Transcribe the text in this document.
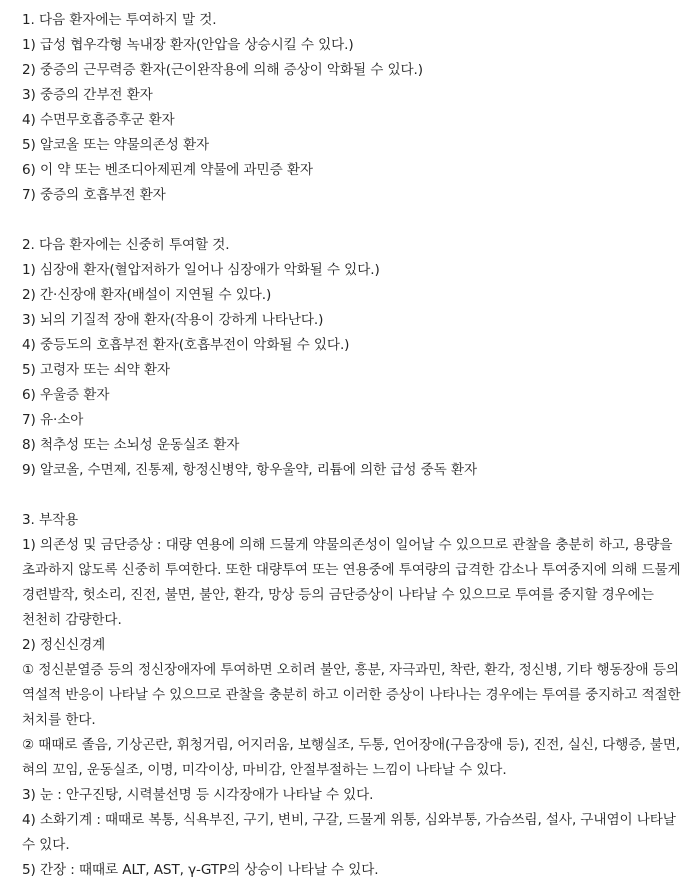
1. 다음 환자에는 투여하지 말 것.
1) 급성 협우각형 녹내장 환자(안압을 상승시킬 수 있다.)
2) 중증의 근무력증 환자(근이완작용에 의해 증상이 악화될 수 있다.)
3) 중증의 간부전 환자
4) 수면무호흡증후군 환자
5) 알코올 또는 약물의존성 환자
6) 이 약 또는 벤조디아제핀계 약물에 과민증 환자
7) 중증의 호흡부전 환자
2. 다음 환자에는 신중히 투여할 것.
1) 심장애 환자(혈압저하가 일어나 심장애가 악화될 수 있다.)
2) 간·신장애 환자(배설이 지연될 수 있다.)
3) 뇌의 기질적 장애 환자(작용이 강하게 나타난다.)
4) 중등도의 호흡부전 환자(호흡부전이 악화될 수 있다.)
5) 고령자 또는 쇠약 환자
6) 우울증 환자
7) 유·소아
8) 척추성 또는 소뇌성 운동실조 환자
9) 알코올, 수면제, 진통제, 항정신병약, 항우울약, 리튬에 의한 급성 중독 환자
3. 부작용
1) 의존성 및 금단증상 : 대량 연용에 의해 드물게 약물의존성이 일어날 수 있으므로 관찰을 충분히 하고, 용량을 초과하지 않도록 신중히 투여한다. 또한 대량투여 또는 연용중에 투여량의 급격한 감소나 투여중지에 의해 드물게 경련발작, 헛소리, 진전, 불면, 불안, 환각, 망상 등의 금단증상이 나타날 수 있으므로 투여를 중지할 경우에는 천천히 감량한다.
2) 정신신경계
① 정신분열증 등의 정신장애자에 투여하면 오히려 불안, 흥분, 자극과민, 착란, 환각, 정신병, 기타 행동장애 등의 역설적 반응이 나타날 수 있으므로 관찰을 충분히 하고 이러한 증상이 나타나는 경우에는 투여를 중지하고 적절한 처치를 한다.
② 때때로 졸음, 기상곤란, 휘청거림, 어지러움, 보행실조, 두통, 언어장애(구음장애 등), 진전, 실신, 다행증, 불면, 혀의 꼬임, 운동실조, 이명, 미각이상, 마비감, 안절부절하는 느낌이 나타날 수 있다.
3) 눈 : 안구진탕, 시력불선명 등 시각장애가 나타날 수 있다.
4) 소화기계 : 때때로 복통, 식욕부진, 구기, 변비, 구갈, 드물게 위통, 심와부통, 가슴쓰림, 설사, 구내염이 나타날 수 있다.
5) 간장 : 때때로 ALT, AST, γ-GTP의 상승이 나타날 수 있다.
